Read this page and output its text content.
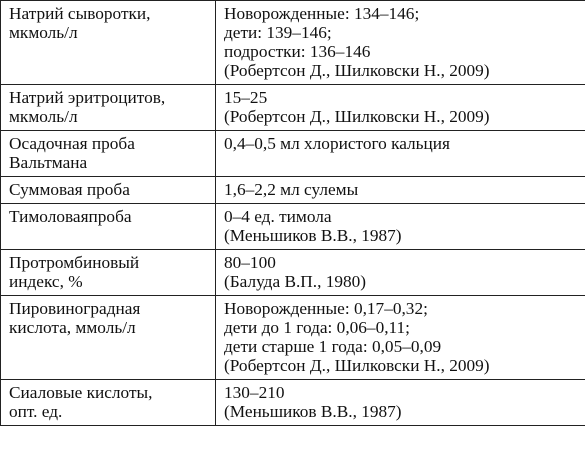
Натрий сыворотки,
мкмоль/л	Новорожденные: 134–146;
дети: 139–146;
подростки: 136–146
(Робертсон Д., Шилковски Н., 2009)

Натрий эритроцитов,
мкмоль/л	15–25
(Робертсон Д., Шилковски Н., 2009)

Осадочная проба
Вальтмана	0,4–0,5 мл хлористого кальция

Суммовая проба	1,6–2,2 мл сулемы

Тимоловаяпроба	0–4 ед. тимола
(Меньшиков В.В., 1987)

Протромбиновый
индекс, %	80–100
(Балуда В.П., 1980)

Пировиноградная
кислота, ммоль/л	Новорожденные: 0,17–0,32;
дети до 1 года: 0,06–0,11;
дети старше 1 года: 0,05–0,09
(Робертсон Д., Шилковски Н., 2009)

Сиаловые кислоты,
опт. ед.	130–210
(Меньшиков В.В., 1987)
